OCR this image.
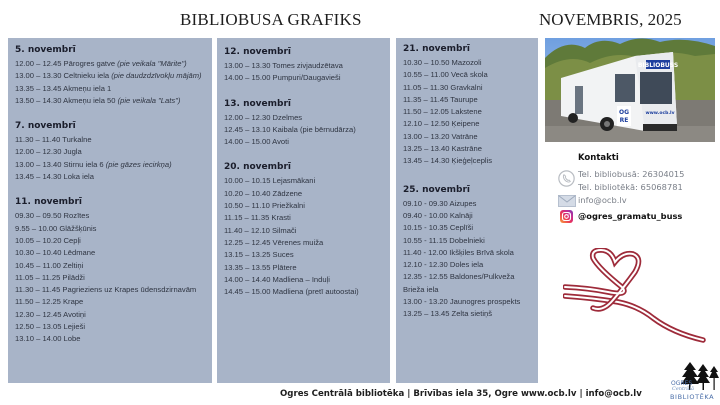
BIBLIOBUSA GRAFIKS	NOVEMBRIS, 2025
5. novembrī
12.00 – 12.45 Pārogres gatve (pie veikala "Mārite")
13.00 – 13.30 Celtnieku iela (pie daudzdzīvokļu mājām)
13.35 – 13.45 Akmeņu iela 1
13.50 – 14.30 Akmeņu iela 50 (pie veikala "Lats")
7. novembrī
11.30 – 11.40 Turkalne
12.00 – 12.30 Jugla
13.00 – 13.40 Stirnu iela 6 (pie gāzes iecirkņa)
13.45 – 14.30 Loka iela
11. novembrī
09.30 – 09.50 Rozītes
9.55 – 10.00 Glāžšķūnis
10.05 – 10.20 Cepļi
10.30 – 10.40 Lēdmane
10.45 – 11.00 Zeltiņi
11.05 – 11.25 Pilādži
11.30 – 11.45 Pagrieziens uz Krapes ūdensdzirnavām
11.50 – 12.25 Krape
12.30 – 12.45 Avotiņi
12.50 – 13.05 Lejieši
13.10 – 14.00 Lobe
12. novembrī
13.00 – 13.30 Tomes zivjaudzētava
14.00 – 15.00 Pumpuri/Daugavieši
13. novembrī
12.00 – 12.30 Dzelmes
12.45 – 13.10 Kaibala (pie bērnudārza)
14.00 – 15.00 Avoti
20. novembrī
10.00 – 10.15 Lejasmākani
10.20 – 10.40 Zādzene
10.50 – 11.10 Priežkalni
11.15 – 11.35 Krasti
11.40 – 12.10 Silmači
12.25 – 12.45 Vērenes muiža
13.15 – 13.25 Suces
13.35 – 13.55 Plātere
14.00 – 14.40 Madliena – Induļi
14.45 – 15.00 Madliena (pretī autoostai)
21. novembrī
10.30 – 10.50 Mazozoli
10.55 – 11.00 Vecā skola
11.05 – 11.30 Gravkalni
11.35 – 11.45 Taurupe
11.50 – 12.05 Lakstene
12.10 – 12.50 Ķeipene
13.00 – 13.20 Vatrāne
13.25 – 13.40 Kastrāne
13.45 – 14.30 Ķieģeļceplis
25. novembrī
09.10 - 09.30 Aizupes
09.40 - 10.00 Kalnāji
10.15 - 10.35 Ceplīši
10.55 - 11.15 Dobelnieki
11.40 - 12.00 Ikšķiles Brīvā skola
12.10 - 12.30 Doles iela
12.35 - 12.55 Baldones/Pulkveža Brieža iela
13.00 - 13.20 Jaunogres prospekts
13.25 – 13.45 Zelta sietiņš
BIBLIOBUSS
OG
RE
www.ocb.lv
Kontakti
Tel. bibliobusā: 26304015
Tel. bibliotēkā: 65068781
info@ocb.lv
@ogres_gramatu_buss
Ogres Centrālā bibliotēka | Brīvības iela 35, Ogre www.ocb.lv | info@ocb.lv
OGRES
Centrālā
BIBLIOTĒKA
